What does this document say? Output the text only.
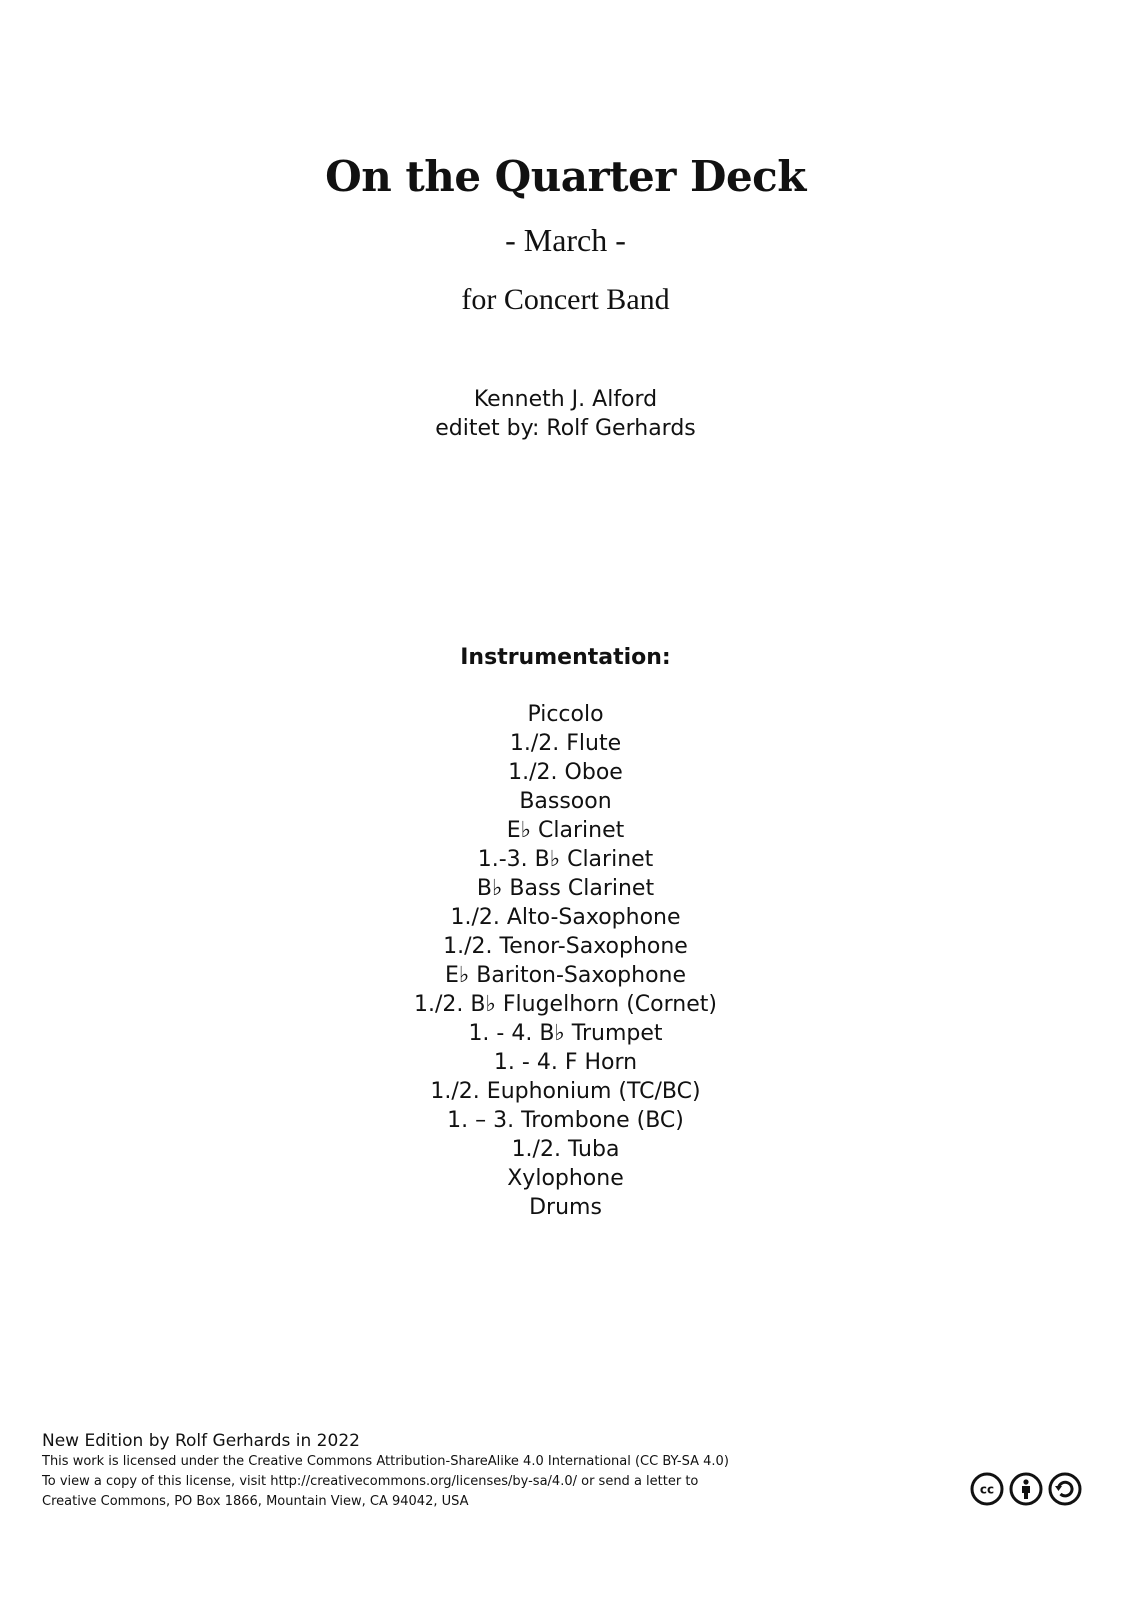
On the Quarter Deck
- March -
for Concert Band
Kenneth J. Alford
editet by: Rolf Gerhards
Instrumentation:
Piccolo
1./2. Flute
1./2. Oboe
Bassoon
E♭ Clarinet
1.-3. B♭ Clarinet
B♭ Bass Clarinet
1./2. Alto-Saxophone
1./2. Tenor-Saxophone
E♭ Bariton-Saxophone
1./2. B♭ Flugelhorn (Cornet)
1. - 4. B♭ Trumpet
1. - 4. F Horn
1./2. Euphonium (TC/BC)
1. – 3. Trombone (BC)
1./2. Tuba
Xylophone
Drums
New Edition by Rolf Gerhards in 2022
This work is licensed under the Creative Commons Attribution-ShareAlike 4.0 International (CC BY-SA 4.0)
To view a copy of this license, visit http://creativecommons.org/licenses/by-sa/4.0/ or send a letter to
Creative Commons, PO Box 1866, Mountain View, CA 94042, USA
cc
